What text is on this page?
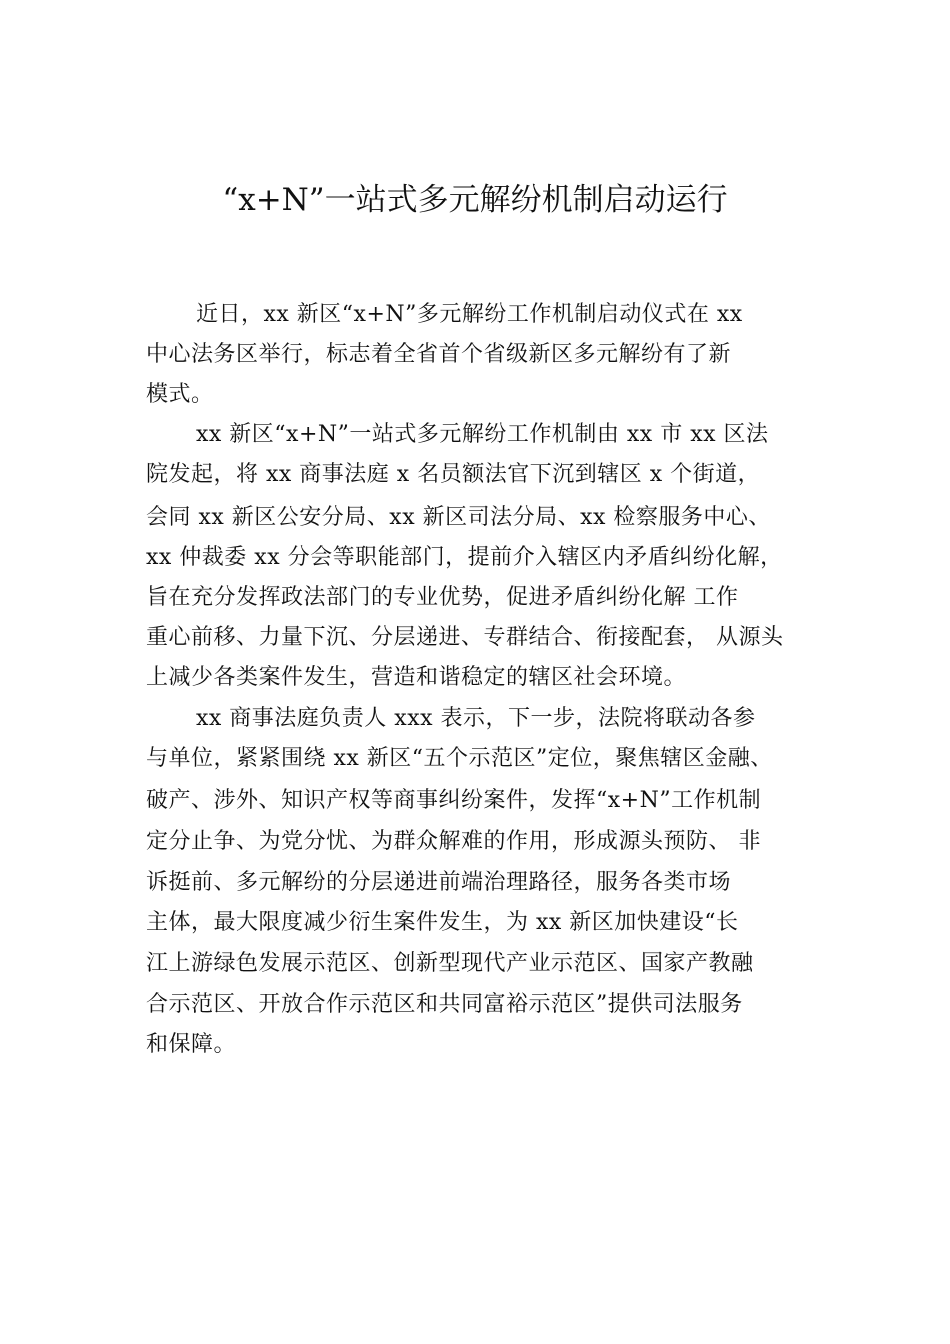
“x+N”一站式多元解纷机制启动运行
近日，xx 新区“x+N”多元解纷工作机制启动仪式在 xx
中心法务区举行，标志着全省首个省级新区多元解纷有了新
模式。
xx 新区“x+N”一站式多元解纷工作机制由 xx 市 xx 区法
院发起，将 xx 商事法庭 x 名员额法官下沉到辖区 x 个街道，
会同 xx 新区公安分局、xx 新区司法分局、xx 检察服务中心、
xx 仲裁委 xx 分会等职能部门，提前介入辖区内矛盾纠纷化解，
旨在充分发挥政法部门的专业优势，促进矛盾纠纷化解 工作
重心前移、力量下沉、分层递进、专群结合、衔接配套， 从源头
上减少各类案件发生，营造和谐稳定的辖区社会环境。
xx 商事法庭负责人 xxx 表示，下一步，法院将联动各参
与单位，紧紧围绕 xx 新区“五个示范区”定位，聚焦辖区金融、
破产、涉外、知识产权等商事纠纷案件，发挥“x+N”工作机制
定分止争、为党分忧、为群众解难的作用，形成源头预防、 非
诉挺前、多元解纷的分层递进前端治理路径，服务各类市场
主体，最大限度减少衍生案件发生，为 xx 新区加快建设“长
江上游绿色发展示范区、创新型现代产业示范区、国家产教融
合示范区、开放合作示范区和共同富裕示范区”提供司法服务
和保障。
